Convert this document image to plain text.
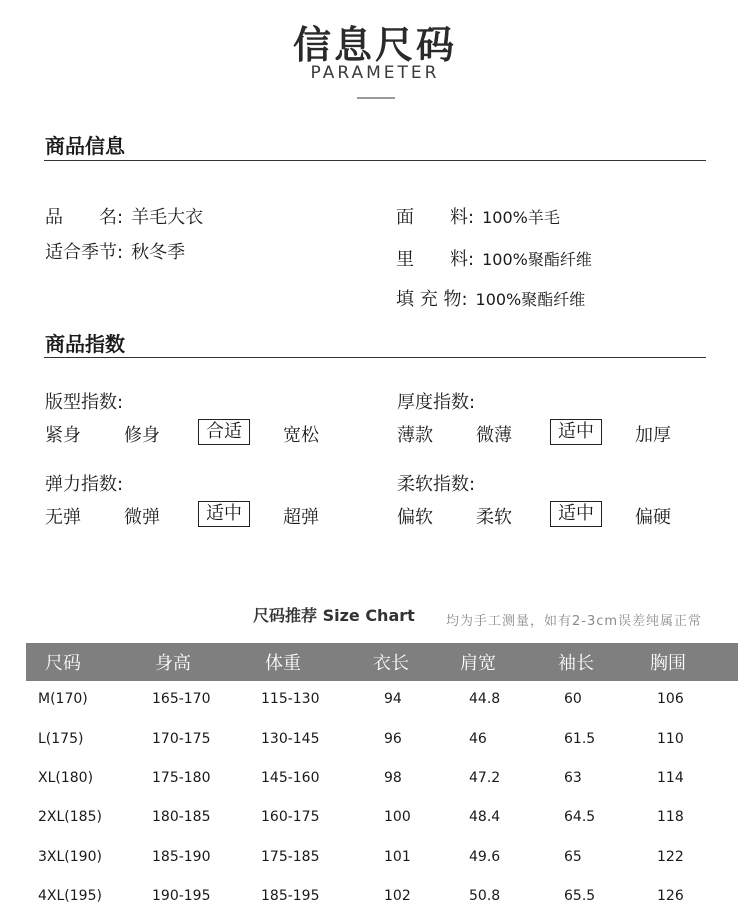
信息尺码
PARAMETER
商品信息
品　　名: 羊毛大衣
适合季节: 秋冬季
面　　料: 100%羊毛
里　　料: 100%聚酯纤维
填 充 物: 100%聚酯纤维
商品指数
版型指数:
紧身 修身	合适	宽松
厚度指数:
薄款 微薄	适中	加厚
弹力指数:
无弹 微弹	适中	超弹
柔软指数:
偏软 柔软	适中	偏硬
尺码推荐 Size Chart 均为手工测量，如有2-3cm误差纯属正常
尺码	身高	体重	衣长	肩宽	袖长	胸围
M(170)	165-170	115-130	94	44.8	60	106
L(175)	170-175	130-145	96	46	61.5	110
XL(180)	175-180	145-160	98	47.2	63	114
2XL(185)	180-185	160-175	100	48.4	64.5	118
3XL(190)	185-190	175-185	101	49.6	65	122
4XL(195)	190-195	185-195	102	50.8	65.5	126
